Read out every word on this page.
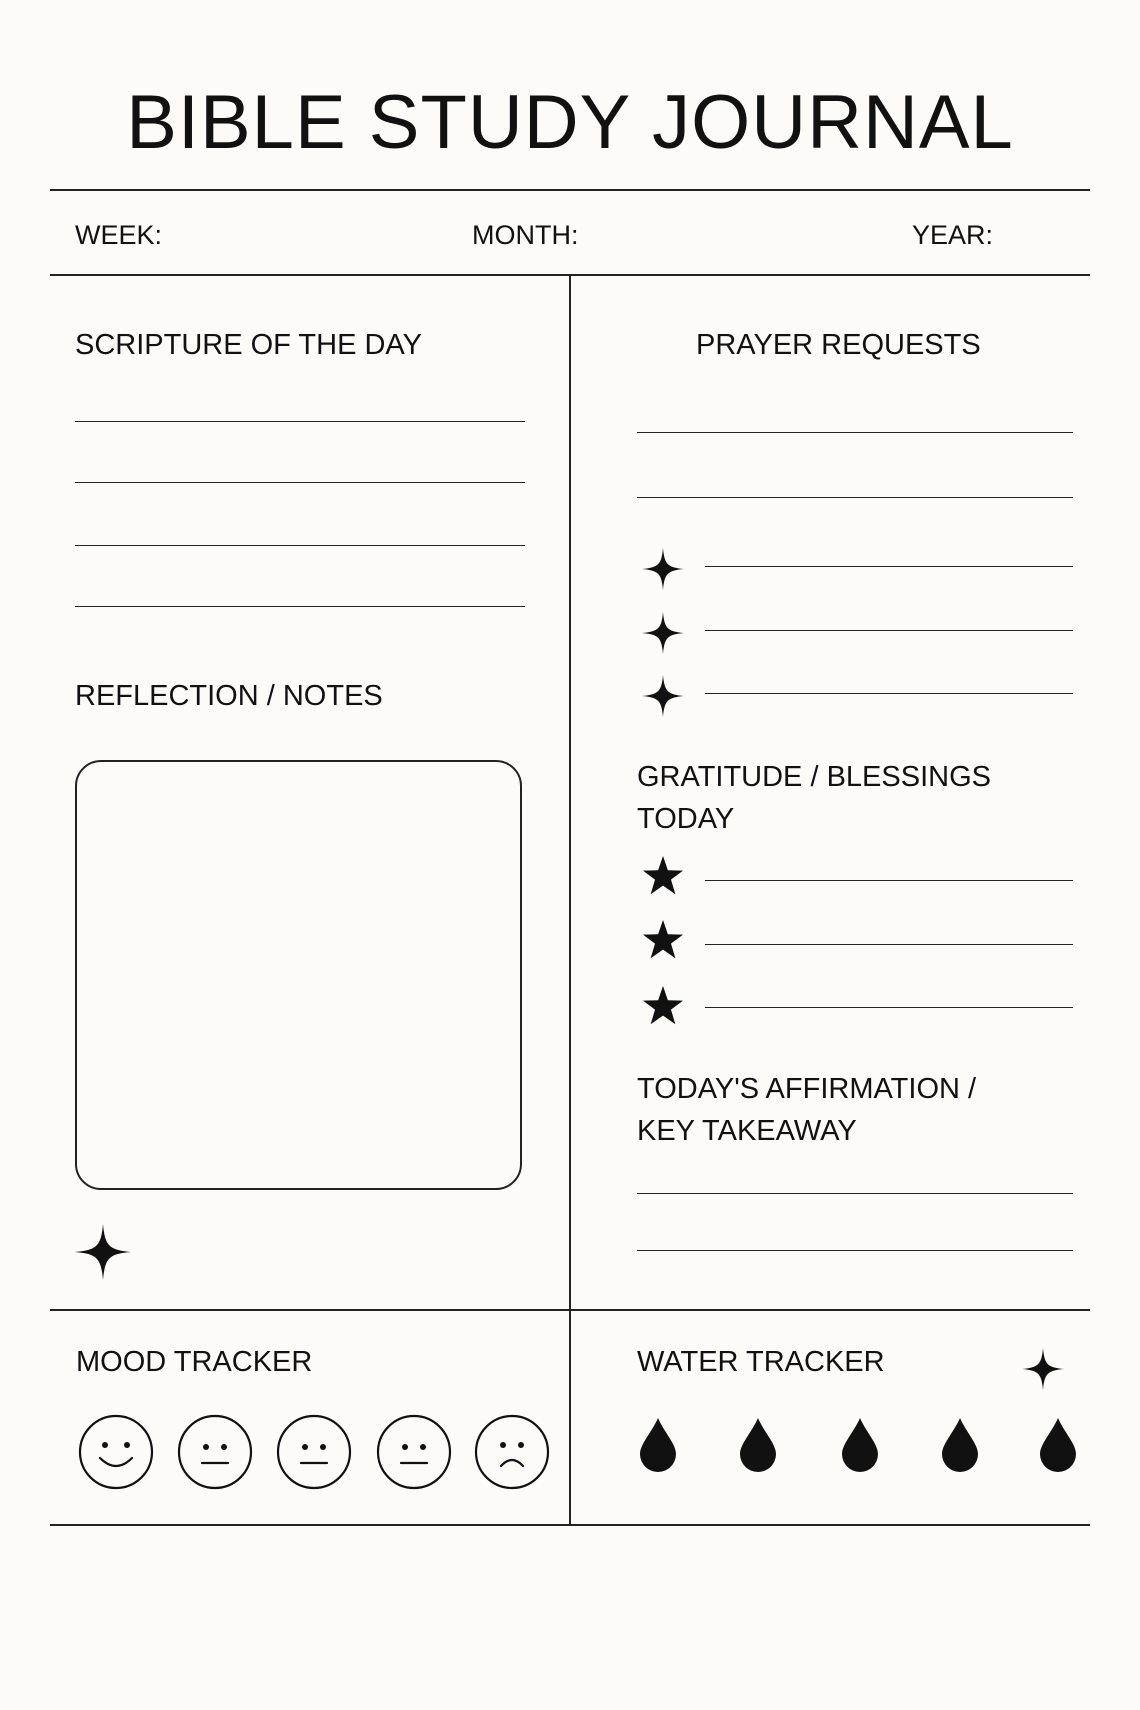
BIBLE STUDY JOURNAL
WEEK:	MONTH:	YEAR:
SCRIPTURE OF THE DAY
REFLECTION / NOTES
PRAYER REQUESTS
GRATITUDE / BLESSINGS
TODAY
TODAY'S AFFIRMATION /
KEY TAKEAWAY
MOOD TRACKER	WATER TRACKER
